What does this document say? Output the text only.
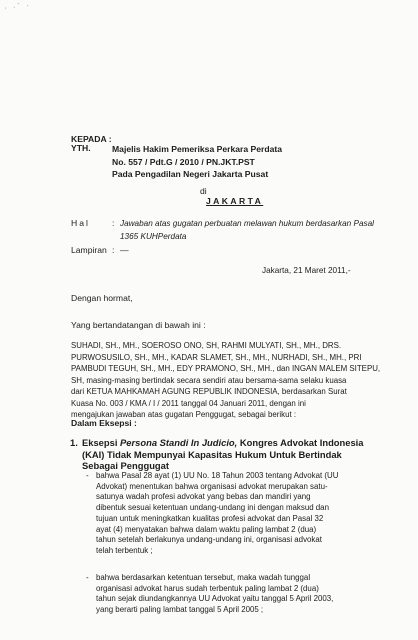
· ·´ ·
KEPADA :
YTH. Majelis Hakim Pemeriksa Perkara Perdata
No. 557 / Pdt.G / 2010 / PN.JKT.PST
Pada Pengadilan Negeri Jakarta Pusat
di
JAKARTA
Hal	: Jawaban atas gugatan perbuatan melawan hukum berdasarkan Pasal 1365 KUHPerdata
Lampiran : —
Jakarta, 21 Maret 2011,-
Dengan hormat,
Yang bertandatangan di bawah ini :
SUHADI, SH., MH., SOEROSO ONO, SH, RAHMI MULYATI, SH., MH., DRS.
PURWOSUSILO, SH., MH., KADAR SLAMET, SH., MH., NURHADI, SH., MH., PRI
PAMBUDI TEGUH, SH., MH., EDY PRAMONO, SH., MH., dan INGAN MALEM SITEPU,
SH, masing-masing bertindak secara sendiri atau bersama-sama selaku kuasa
dari KETUA MAHKAMAH AGUNG REPUBLIK INDONESIA, berdasarkan Surat
Kuasa No. 003 / KMA / I / 2011 tanggal 04 Januari 2011, dengan ini
mengajukan jawaban atas gugatan Penggugat, sebagai berikut :
Dalam Eksepsi :
1. Eksepsi Persona Standi In Judicio, Kongres Advokat Indonesia
(KAI) Tidak Mempunyai Kapasitas Hukum Untuk Bertindak
Sebagai Penggugat
- bahwa Pasal 28 ayat (1) UU No. 18 Tahun 2003 tentang Advokat (UU
Advokat) menentukan bahwa organisasi advokat merupakan satu-
satunya wadah profesi advokat yang bebas dan mandiri yang
dibentuk sesuai ketentuan undang-undang ini dengan maksud dan
tujuan untuk meningkatkan kualitas profesi advokat dan Pasal 32
ayat (4) menyatakan bahwa dalam waktu paling lambat 2 (dua)
tahun setelah berlakunya undang-undang ini, organisasi advokat
telah terbentuk ;
- bahwa berdasarkan ketentuan tersebut, maka wadah tunggal
organisasi advokat harus sudah terbentuk paling lambat 2 (dua)
tahun sejak diundangkannya UU Advokat yaitu tanggal 5 April 2003,
yang berarti paling lambat tanggal 5 April 2005 ;
